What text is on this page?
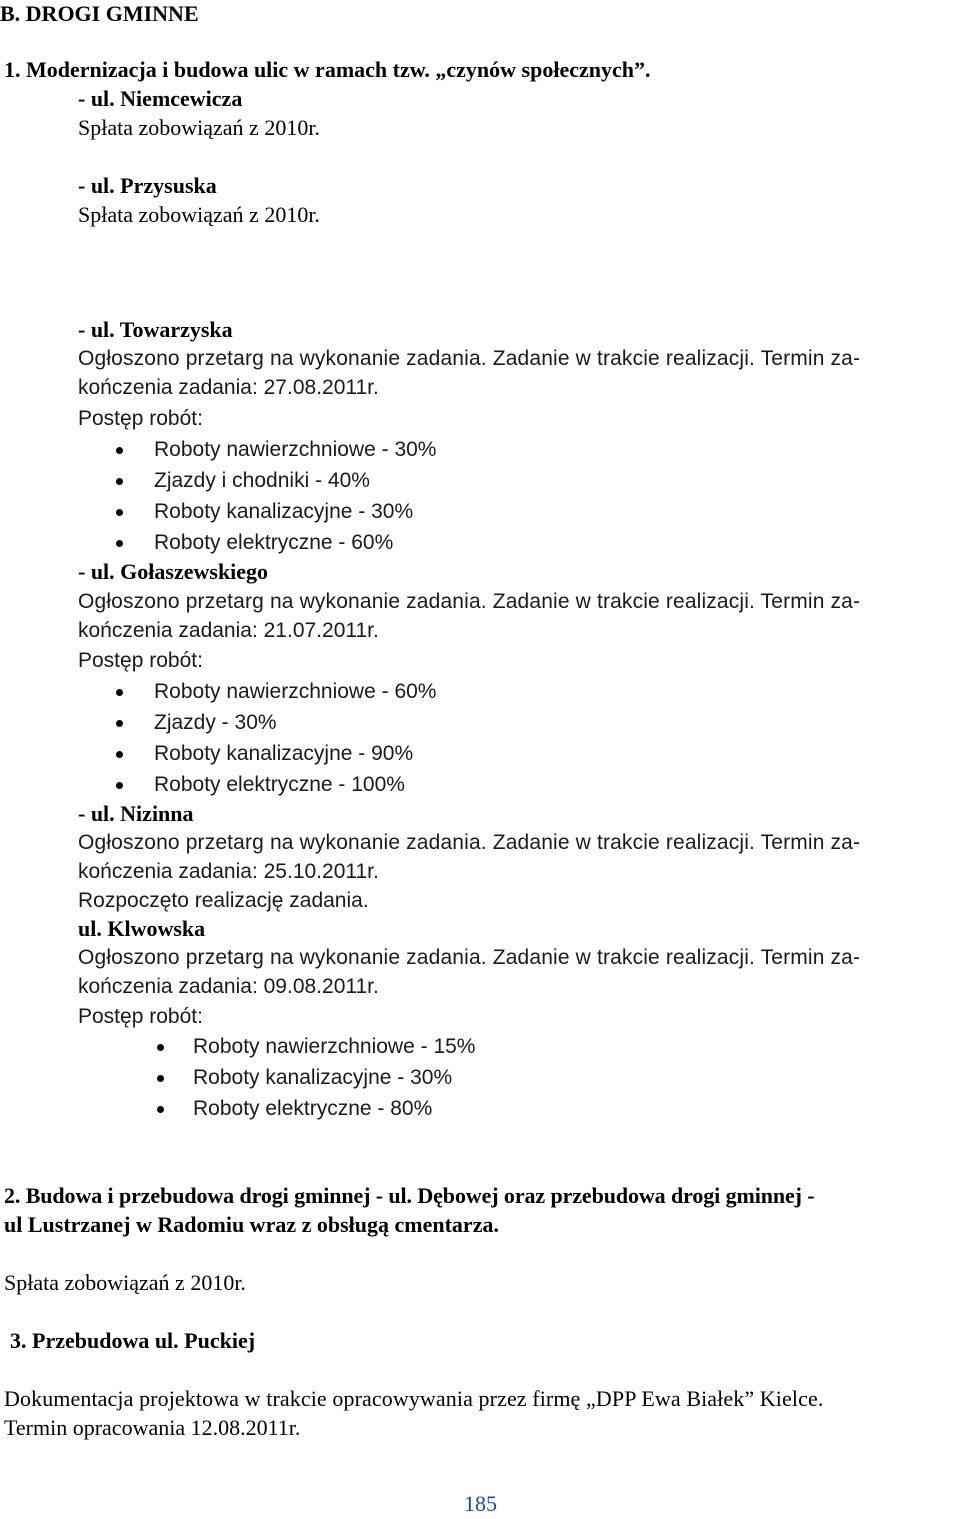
B. DROGI GMINNE
1. Modernizacja i budowa ulic w ramach tzw. „czynów społecznych”.
- ul. Niemcewicza
Spłata zobowiązań z 2010r.
- ul. Przysuska
Spłata zobowiązań z 2010r.
- ul. Towarzyska
Ogłoszono przetarg na wykonanie zadania. Zadanie w trakcie realizacji. Termin za-
kończenia zadania: 27.08.2011r.
Postęp robót:
Roboty nawierzchniowe - 30%
Zjazdy i chodniki - 40%
Roboty kanalizacyjne - 30%
Roboty elektryczne - 60%
- ul. Gołaszewskiego
Ogłoszono przetarg na wykonanie zadania. Zadanie w trakcie realizacji. Termin za-
kończenia zadania: 21.07.2011r.
Postęp robót:
Roboty nawierzchniowe - 60%
Zjazdy - 30%
Roboty kanalizacyjne - 90%
Roboty elektryczne - 100%
- ul. Nizinna
Ogłoszono przetarg na wykonanie zadania. Zadanie w trakcie realizacji. Termin za-
kończenia zadania: 25.10.2011r.
Rozpoczęto realizację zadania.
ul. Klwowska
Ogłoszono przetarg na wykonanie zadania. Zadanie w trakcie realizacji. Termin za-
kończenia zadania: 09.08.2011r.
Postęp robót:
Roboty nawierzchniowe - 15%
Roboty kanalizacyjne - 30%
Roboty elektryczne - 80%
2. Budowa i przebudowa drogi gminnej - ul. Dębowej oraz przebudowa drogi gminnej -
ul Lustrzanej w Radomiu wraz z obsługą cmentarza.
Spłata zobowiązań z 2010r.
3. Przebudowa ul. Puckiej
Dokumentacja projektowa w trakcie opracowywania przez firmę „DPP Ewa Białek” Kielce.
Termin opracowania 12.08.2011r.
185
